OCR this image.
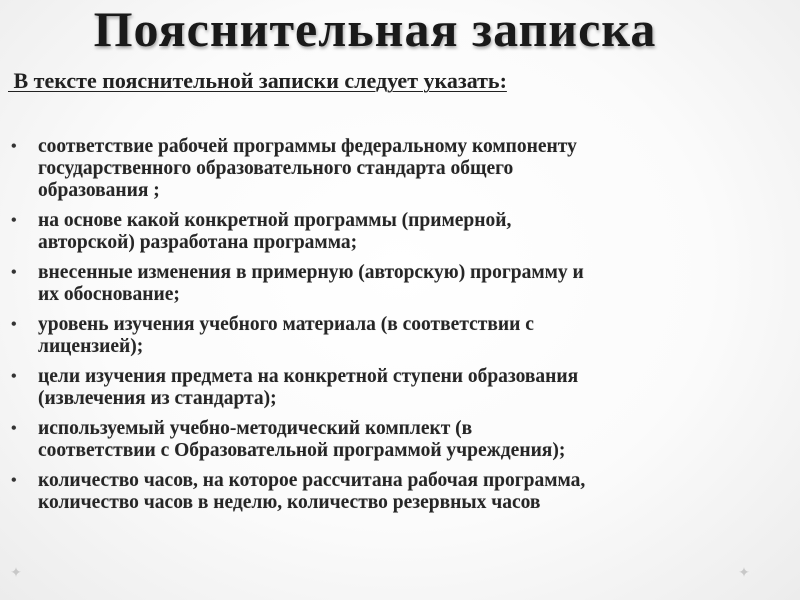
Пояснительная записка
В тексте пояснительной записки следует указать:
• соответствие рабочей программы федеральному компоненту
государственного образовательного стандарта общего
образования ;
• на основе какой конкретной программы (примерной,
авторской) разработана программа;
• внесенные изменения в примерную (авторскую) программу и
их обоснование;
• уровень изучения учебного материала (в соответствии с
лицензией);
• цели изучения предмета на конкретной ступени образования
(извлечения из стандарта);
• используемый учебно-методический комплект (в
соответствии с Образовательной программой учреждения);
• количество часов, на которое рассчитана рабочая программа,
количество часов в неделю, количество резервных часов
✦	✦
